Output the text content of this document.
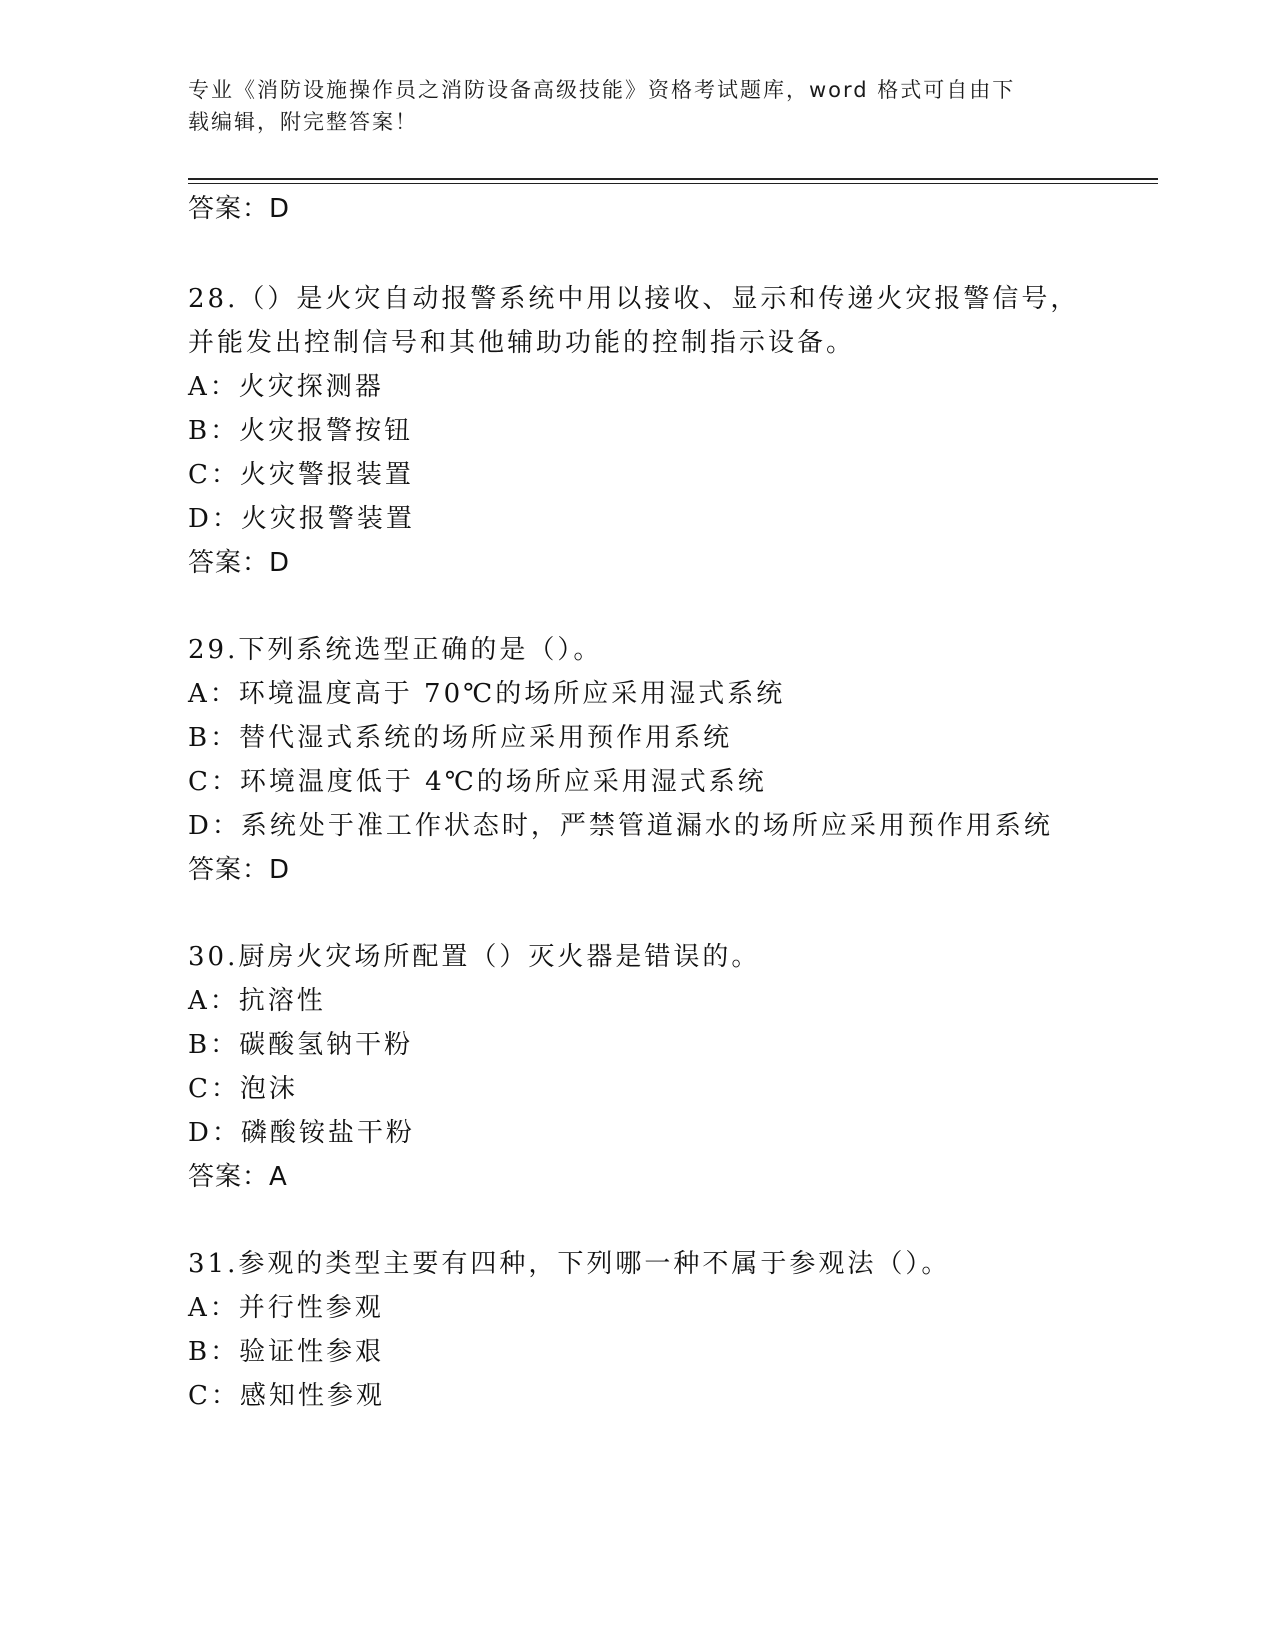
专业《消防设施操作员之消防设备高级技能》资格考试题库，word 格式可自由下
载编辑，附完整答案！
答案：D
28.（）是火灾自动报警系统中用以接收、显示和传递火灾报警信号，
并能发出控制信号和其他辅助功能的控制指示设备。
A：火灾探测器
B：火灾报警按钮
C：火灾警报装置
D：火灾报警装置
答案：D
29.下列系统选型正确的是（）。
A：环境温度高于 70℃的场所应采用湿式系统
B：替代湿式系统的场所应采用预作用系统
C：环境温度低于 4℃的场所应采用湿式系统
D：系统处于准工作状态时，严禁管道漏水的场所应采用预作用系统
答案：D
30.厨房火灾场所配置（）灭火器是错误的。
A：抗溶性
B：碳酸氢钠干粉
C：泡沫
D：磷酸铵盐干粉
答案：A
31.参观的类型主要有四种，下列哪一种不属于参观法（）。
A：并行性参观
B：验证性参艰
C：感知性参观
